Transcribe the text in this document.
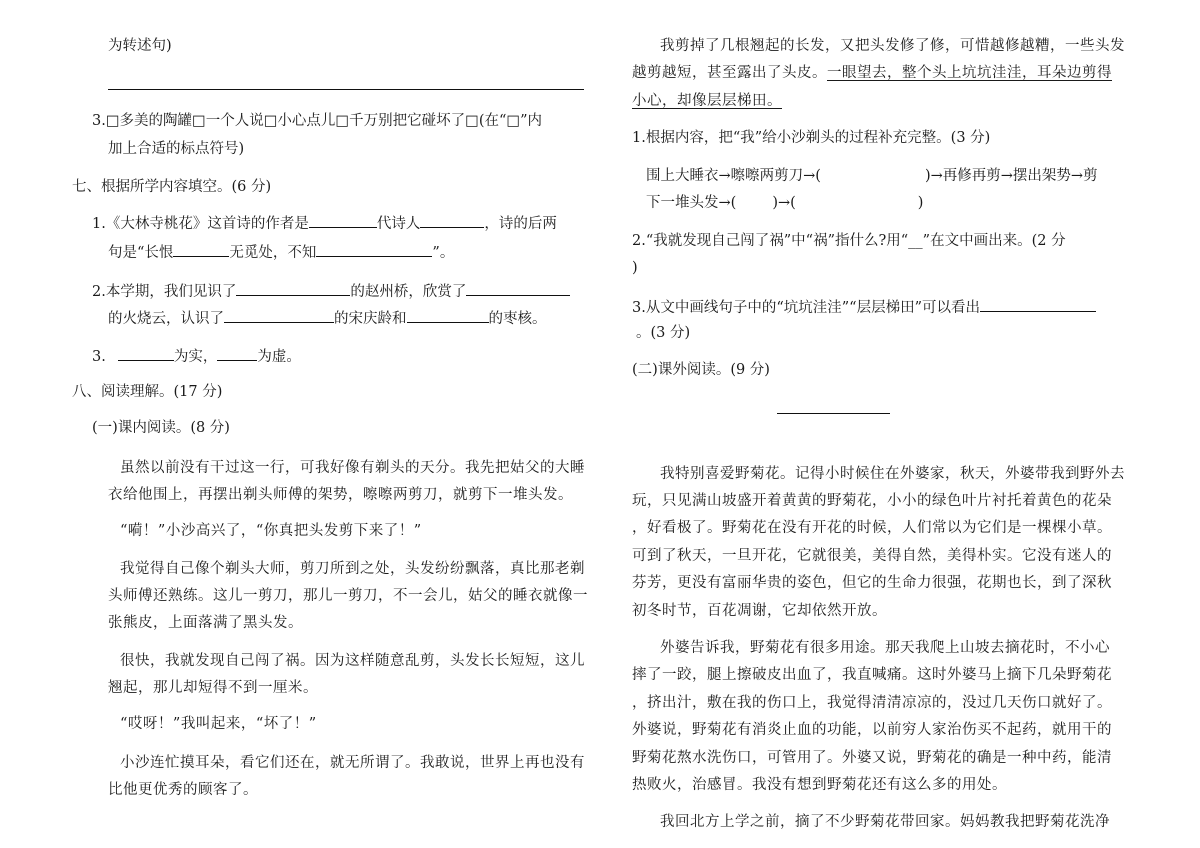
为转述句)
3.□多美的陶罐□一个人说□小心点儿□千万别把它碰坏了□(在“□”内
加上合适的标点符号)
七、根据所学内容填空。(6 分)
1.《大林寺桃花》这首诗的作者是	代诗人	，诗的后两
句是“长恨	无觅处，不知	”。
2.本学期，我们见识了	的赵州桥，欣赏了
的火烧云，认识了	的宋庆龄和	的枣核。
3.	为实，	为虚。
八、阅读理解。(17 分)
(一)课内阅读。(8 分)
虽然以前没有干过这一行，可我好像有剃头的天分。我先把姑父的大睡
衣给他围上，再摆出剃头师傅的架势，嚓嚓两剪刀，就剪下一堆头发。
“嗬！”小沙高兴了，“你真把头发剪下来了！”
我觉得自己像个剃头大师，剪刀所到之处，头发纷纷飘落，真比那老剃
头师傅还熟练。这儿一剪刀，那儿一剪刀，不一会儿，姑父的睡衣就像一
张熊皮，上面落满了黑头发。
很快，我就发现自己闯了祸。因为这样随意乱剪，头发长长短短，这儿
翘起，那儿却短得不到一厘米。
“哎呀！”我叫起来，“坏了！”
小沙连忙摸耳朵，看它们还在，就无所谓了。我敢说，世界上再也没有
比他更优秀的顾客了。
我剪掉了几根翘起的长发，又把头发修了修，可惜越修越糟，一些头发
越剪越短，甚至露出了头皮。一眼望去，整个头上坑坑洼洼，耳朵边剪得
小心，却像层层梯田。
1.根据内容，把“我”给小沙剃头的过程补充完整。(3 分)
围上大睡衣→嚓嚓两剪刀→(	)→再修再剪→摆出架势→剪
下一堆头发→( )→(	)
2.“我就发现自己闯了祸”中“祸”指什么?用“__”在文中画出来。(2 分
)
3.从文中画线句子中的“坑坑洼洼”“层层梯田”可以看出
。(3 分)
(二)课外阅读。(9 分)
我特别喜爱野菊花。记得小时候住在外婆家，秋天，外婆带我到野外去
玩，只见满山坡盛开着黄黄的野菊花，小小的绿色叶片衬托着黄色的花朵
，好看极了。野菊花在没有开花的时候，人们常以为它们是一棵棵小草。
可到了秋天，一旦开花，它就很美，美得自然，美得朴实。它没有迷人的
芬芳，更没有富丽华贵的姿色，但它的生命力很强，花期也长，到了深秋
初冬时节，百花凋谢，它却依然开放。
外婆告诉我，野菊花有很多用途。那天我爬上山坡去摘花时，不小心
摔了一跤，腿上擦破皮出血了，我直喊痛。这时外婆马上摘下几朵野菊花
，挤出汁，敷在我的伤口上，我觉得清清凉凉的，没过几天伤口就好了。
外婆说，野菊花有消炎止血的功能，以前穷人家治伤买不起药，就用干的
野菊花熬水洗伤口，可管用了。外婆又说，野菊花的确是一种中药，能清
热败火，治感冒。我没有想到野菊花还有这么多的用处。
我回北方上学之前，摘了不少野菊花带回家。妈妈教我把野菊花洗净
